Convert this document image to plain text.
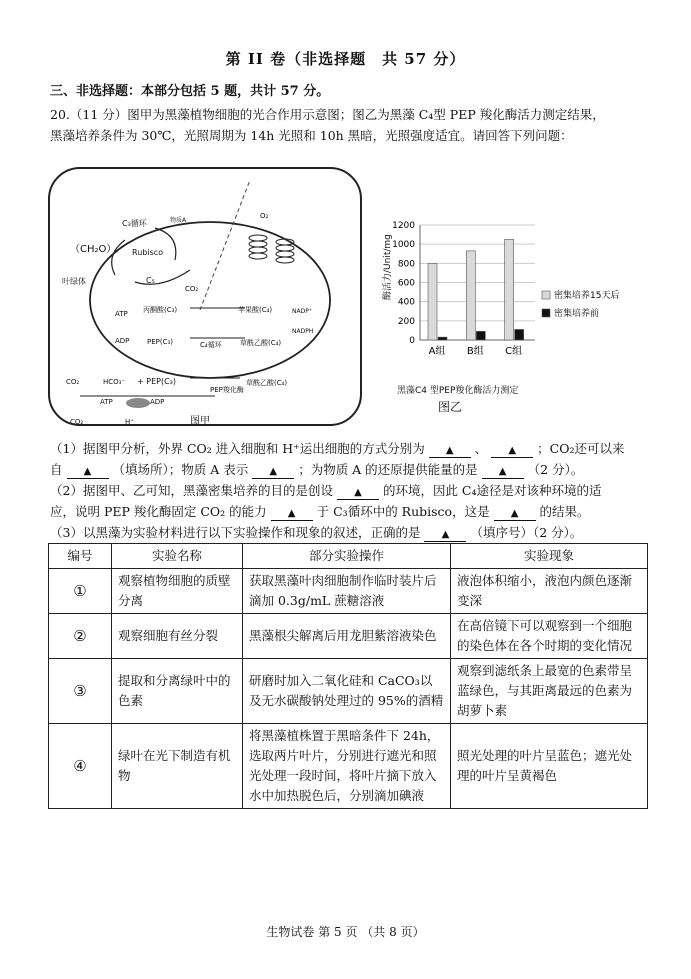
第 II 卷（非选择题　共 57 分）
三、非选择题：本部分包括 5 题，共计 57 分。
20.（11 分）图甲为黑藻植物细胞的光合作用示意图；图乙为黑藻 C₄型 PEP 羧化酶活力测定结果，
黑藻培养条件为 30℃，光照周期为 14h 光照和 10h 黑暗，光照强度适宜。请回答下列问题：
C₃循环	物质A
（CH₂O） Rubisco
C₅
叶绿体
CO₂
O₂
ATP
ADP
丙酮酸(C₃)	苹果酸(C₄)	NADP⁺
NADPH
PEP(C₃)	C₄循环	草酰乙酸(C₄)
CO₂	HCO₃⁻ + PEP(C₃)
PEP羧化酶
草酰乙酸(C₄)
ATP	ADP
CO₂	H⁺	图甲
0
200
400
600
800
1000
1200
A组 B组 C组
密集培养15天后
密集培养前
酶活力/Unit/mg
黑藻C4 型PEP羧化酶活力测定
图乙
（1）据图甲分析，外界 CO₂ 进入细胞和 H⁺运出细胞的方式分别为 ▲ 、 ▲ ；CO₂还可以来
自 ▲ （填场所）；物质 A 表示 ▲ ；为物质 A 的还原提供能量的是 ▲ （2 分）。
（2）据图甲、乙可知，黑藻密集培养的目的是创设 ▲ 的环境，因此 C₄途径是对该种环境的适
应，说明 PEP 羧化酶固定 CO₂ 的能力 ▲ 于 C₃循环中的 Rubisco，这是 ▲ 的结果。
（3）以黑藻为实验材料进行以下实验操作和现象的叙述，正确的是 ▲ （填序号）（2 分）。
编号	实验名称	部分实验操作	实验现象
①	观察植物细胞的质壁分离	获取黑藻叶肉细胞制作临时装片后滴加 0.3g/mL 蔗糖溶液	液泡体积缩小，液泡内颜色逐渐变深
②	观察细胞有丝分裂	黑藻根尖解离后用龙胆紫溶液染色	在高倍镜下可以观察到一个细胞的染色体在各个时期的变化情况
③	提取和分离绿叶中的色素	研磨时加入二氧化硅和 CaCO₃以及无水碳酸钠处理过的 95%的酒精	观察到滤纸条上最宽的色素带呈蓝绿色，与其距离最远的色素为胡萝卜素
④	绿叶在光下制造有机物	将黑藻植株置于黑暗条件下 24h，选取两片叶片，分别进行遮光和照光处理一段时间，将叶片摘下放入水中加热脱色后，分别滴加碘液	照光处理的叶片呈蓝色；遮光处理的叶片呈黄褐色
生物试卷 第 5 页 （共 8 页）
